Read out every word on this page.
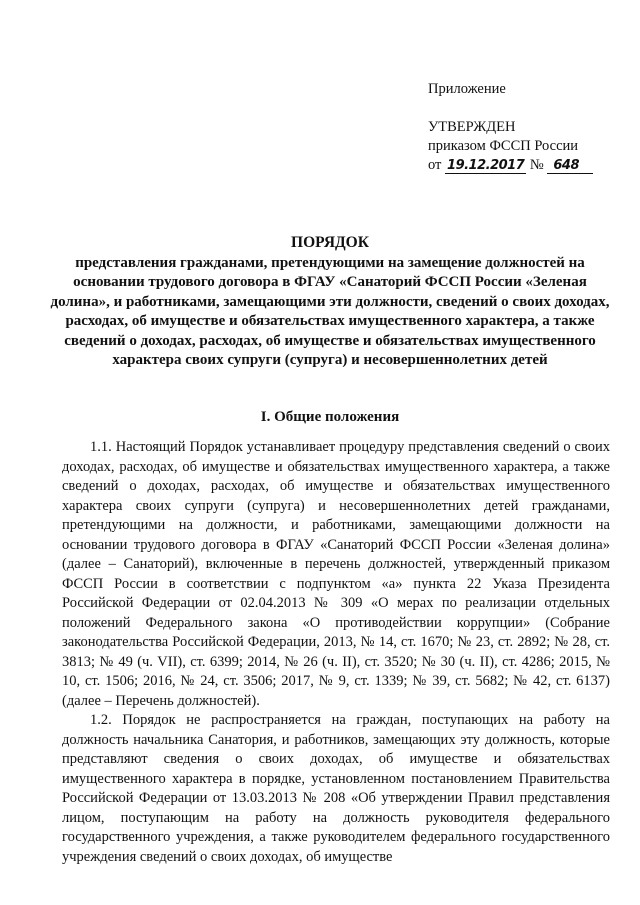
Приложение
УТВЕРЖДЕН
приказом ФССП России
от 19.12.2017 № 648
ПОРЯДОК
представления гражданами, претендующими на замещение должностей на основании трудового договора в ФГАУ «Санаторий ФССП России «Зеленая долина», и работниками, замещающими эти должности, сведений о своих доходах, расходах, об имуществе и обязательствах имущественного характера, а также сведений о доходах, расходах, об имуществе и обязательствах имущественного характера своих супруги (супруга) и несовершеннолетних детей
I. Общие положения

1.1. Настоящий Порядок устанавливает процедуру представления сведений о своих доходах, расходах, об имуществе и обязательствах имущественного характера, а также сведений о доходах, расходах, об имуществе и обязательствах имущественного характера своих супруги (супруга) и несовершеннолетних детей гражданами, претендующими на должности, и работниками, замещающими должности на основании трудового договора в ФГАУ «Санаторий ФССП России «Зеленая долина» (далее – Санаторий), включенные в перечень должностей, утвержденный приказом ФССП России в соответствии с подпунктом «а» пункта 22 Указа Президента Российской Федерации от 02.04.2013 № 309 «О мерах по реализации отдельных положений Федерального закона «О противодействии коррупции» (Собрание законодательства Российской Федерации, 2013, № 14, ст. 1670; № 23, ст. 2892; № 28, ст. 3813; № 49 (ч. VII), ст. 6399; 2014, № 26 (ч. II), ст. 3520; № 30 (ч. II), ст. 4286; 2015, № 10, ст. 1506; 2016, № 24, ст. 3506; 2017, № 9, ст. 1339; № 39, ст. 5682; № 42, ст. 6137) (далее – Перечень должностей).

1.2. Порядок не распространяется на граждан, поступающих на работу на должность начальника Санатория, и работников, замещающих эту должность, которые представляют сведения о своих доходах, об имуществе и обязательствах имущественного характера в порядке, установленном постановлением Правительства Российской Федерации от 13.03.2013 № 208 «Об утверждении Правил представления лицом, поступающим на работу на должность руководителя федерального государственного учреждения, а также руководителем федерального государственного учреждения сведений о своих доходах, об имуществе
